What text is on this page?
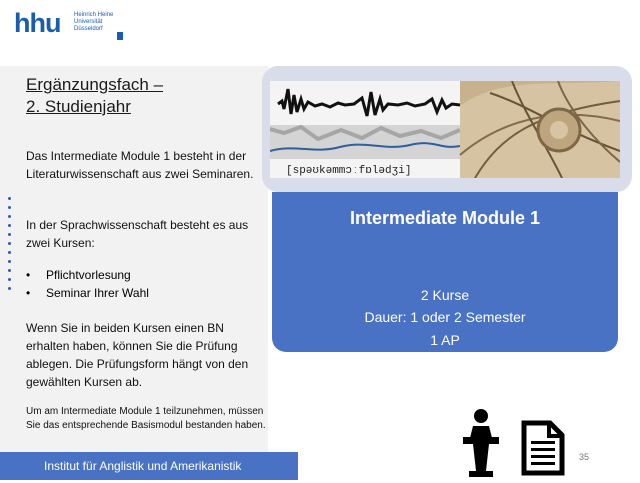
hhu Heinrich Heine
Universität
Düsseldorf
Ergänzungsfach –
2. Studienjahr
Das Intermediate Module 1 besteht in der Literaturwissenschaft aus zwei Seminaren.
In der Sprachwissenschaft besteht es aus zwei Kursen:
• Pflichtvorlesung
• Seminar Ihrer Wahl
Wenn Sie in beiden Kursen einen BN erhalten haben, können Sie die Prüfung ablegen. Die Prüfungsform hängt von den gewählten Kursen ab.
Um am Intermediate Module 1 teilzunehmen, müssen Sie das entsprechende Basismodul bestanden haben.
Institut für Anglistik und Amerikanistik
[spəʊkəmmɔːfɒlədʒi]
Intermediate Module 1
2 Kurse
Dauer: 1 oder 2 Semester
1 AP
35
